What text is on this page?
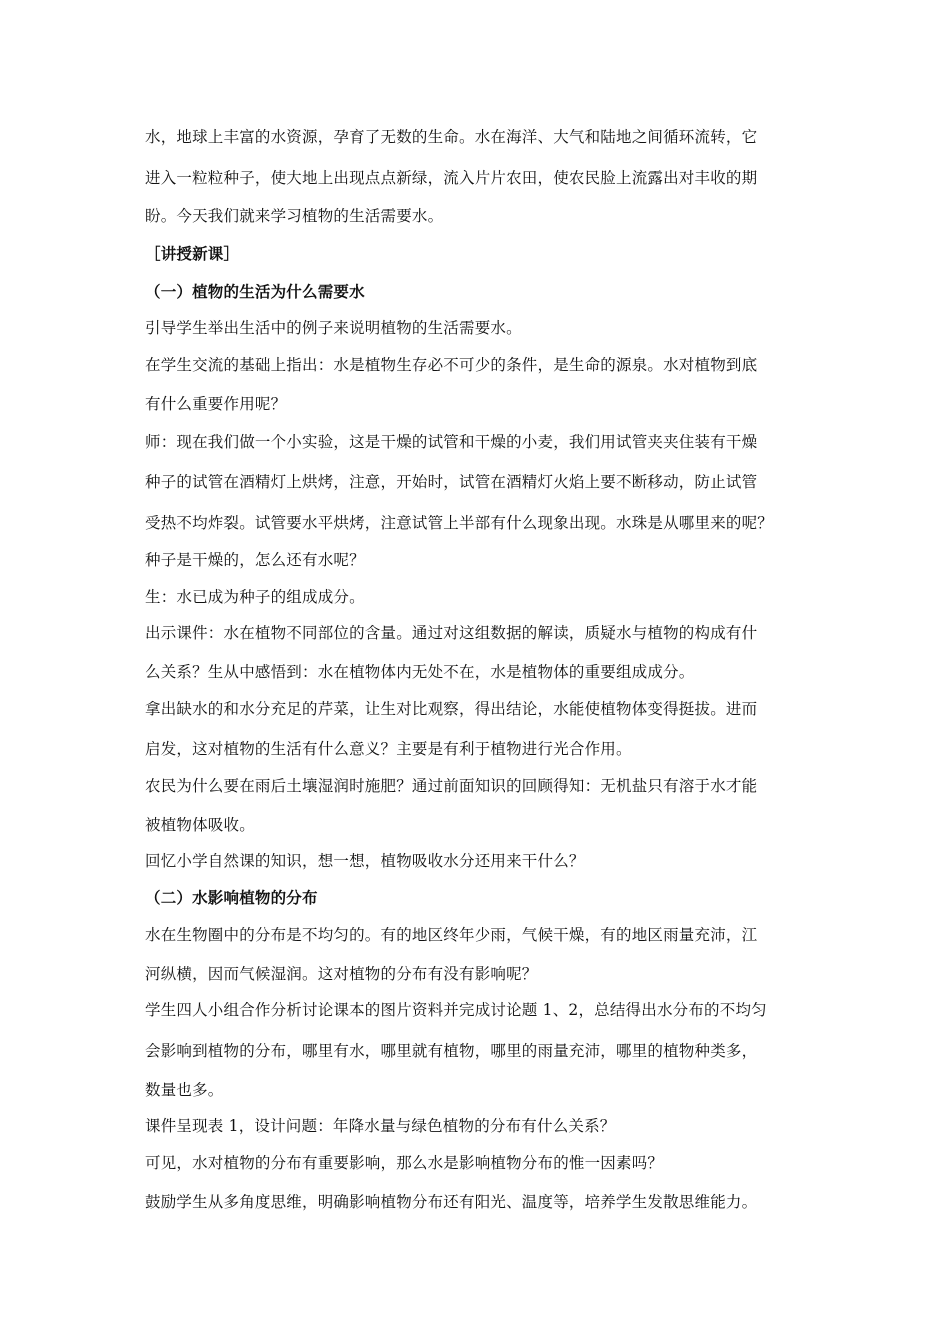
水，地球上丰富的水资源，孕育了无数的生命。水在海洋、大气和陆地之间循环流转，它
进入一粒粒种子，使大地上出现点点新绿，流入片片农田，使农民脸上流露出对丰收的期
盼。今天我们就来学习植物的生活需要水。
［讲授新课］
（一）植物的生活为什么需要水
引导学生举出生活中的例子来说明植物的生活需要水。
在学生交流的基础上指出：水是植物生存必不可少的条件，是生命的源泉。水对植物到底
有什么重要作用呢？
师：现在我们做一个小实验，这是干燥的试管和干燥的小麦，我们用试管夹夹住装有干燥
种子的试管在酒精灯上烘烤，注意，开始时，试管在酒精灯火焰上要不断移动，防止试管
受热不均炸裂。试管要水平烘烤，注意试管上半部有什么现象出现。水珠是从哪里来的呢？
种子是干燥的，怎么还有水呢？
生：水已成为种子的组成成分。
出示课件：水在植物不同部位的含量。通过对这组数据的解读，质疑水与植物的构成有什
么关系？生从中感悟到：水在植物体内无处不在，水是植物体的重要组成成分。
拿出缺水的和水分充足的芹菜，让生对比观察，得出结论，水能使植物体变得挺拔。进而
启发，这对植物的生活有什么意义？主要是有利于植物进行光合作用。
农民为什么要在雨后土壤湿润时施肥？通过前面知识的回顾得知：无机盐只有溶于水才能
被植物体吸收。
回忆小学自然课的知识，想一想，植物吸收水分还用来干什么？
（二）水影响植物的分布
水在生物圈中的分布是不均匀的。有的地区终年少雨，气候干燥，有的地区雨量充沛，江
河纵横，因而气候湿润。这对植物的分布有没有影响呢？
学生四人小组合作分析讨论课本的图片资料并完成讨论题 1、2，总结得出水分布的不均匀
会影响到植物的分布，哪里有水，哪里就有植物，哪里的雨量充沛，哪里的植物种类多，
数量也多。
课件呈现表 1，设计问题：年降水量与绿色植物的分布有什么关系？
可见，水对植物的分布有重要影响，那么水是影响植物分布的惟一因素吗？
鼓励学生从多角度思维，明确影响植物分布还有阳光、温度等，培养学生发散思维能力。
